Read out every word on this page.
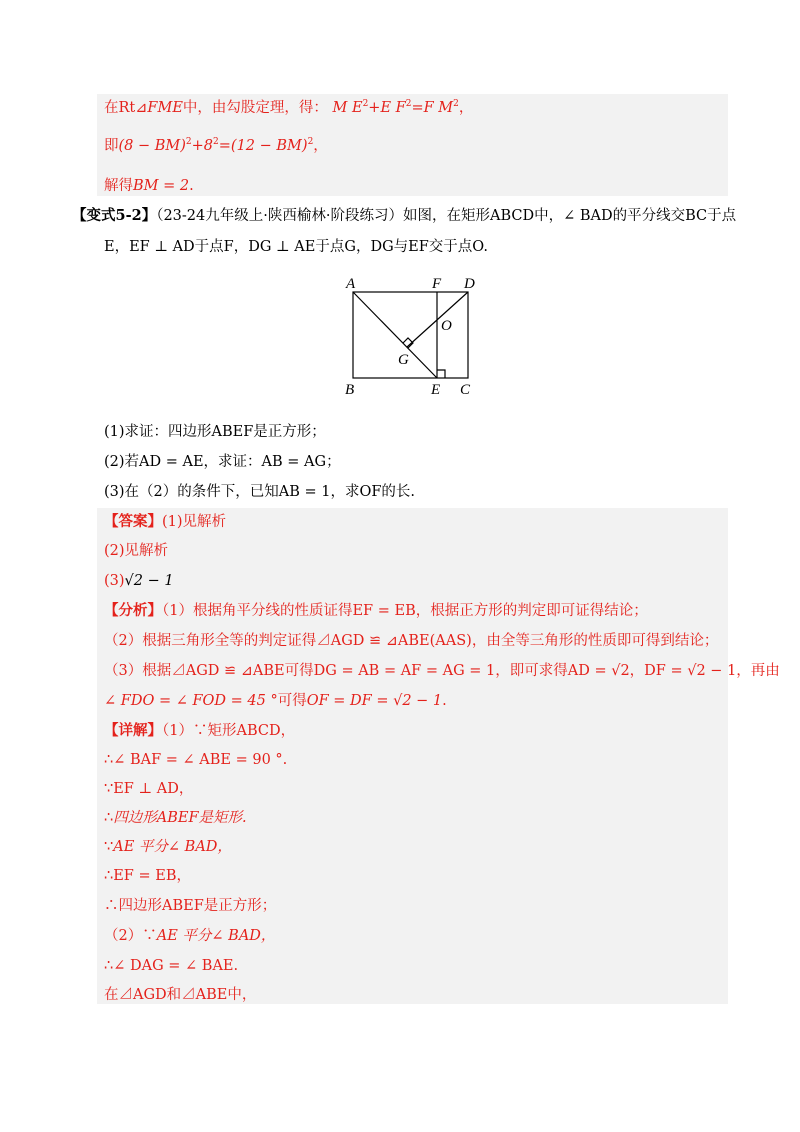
在Rt⊿FME中，由勾股定理，得： M $E^2+E$ $F^2=F$ $M^2$，
即$(8 - BM)^2+8^2=(12 - BM)^2$，
解得BM = 2.
【变式5-2】（23-24九年级上·陕西榆林·阶段练习）如图，在矩形ABCD中，∠ BAD的平分线交BC于点
E，EF ⊥ AD于点F，DG ⊥ AE于点G，DG与EF交于点O.
A	F D
O
G
B	E C
(1)求证：四边形ABEF是正方形；
(2)若AD = AE，求证：AB = AG；
(3)在（2）的条件下，已知AB = 1，求OF的长.
【答案】(1)见解析
(2)见解析
(3)√2 − 1
【分析】（1）根据角平分线的性质证得EF = EB，根据正方形的判定即可证得结论；
（2）根据三角形全等的判定证得⊿AGD ≌ ⊿ABE(AAS)，由全等三角形的性质即可得到结论；
（3）根据⊿AGD ≌ ⊿ABE可得DG = AB = AF = AG = 1，即可求得AD = √2，DF = √2 − 1，再由
∠ FDO = ∠ FOD = 45 °可得OF = DF = √2 − 1.
【详解】（1）∵矩形ABCD，
∴∠ BAF = ∠ ABE = 90 °.
∵EF ⊥ AD，
∴四边形ABEF是矩形.
∵AE 平分∠ BAD，
∴EF = EB，
∴四边形ABEF是正方形；
（2）∵AE 平分∠ BAD，
∴∠ DAG = ∠ BAE.
在⊿AGD和⊿ABE中，
